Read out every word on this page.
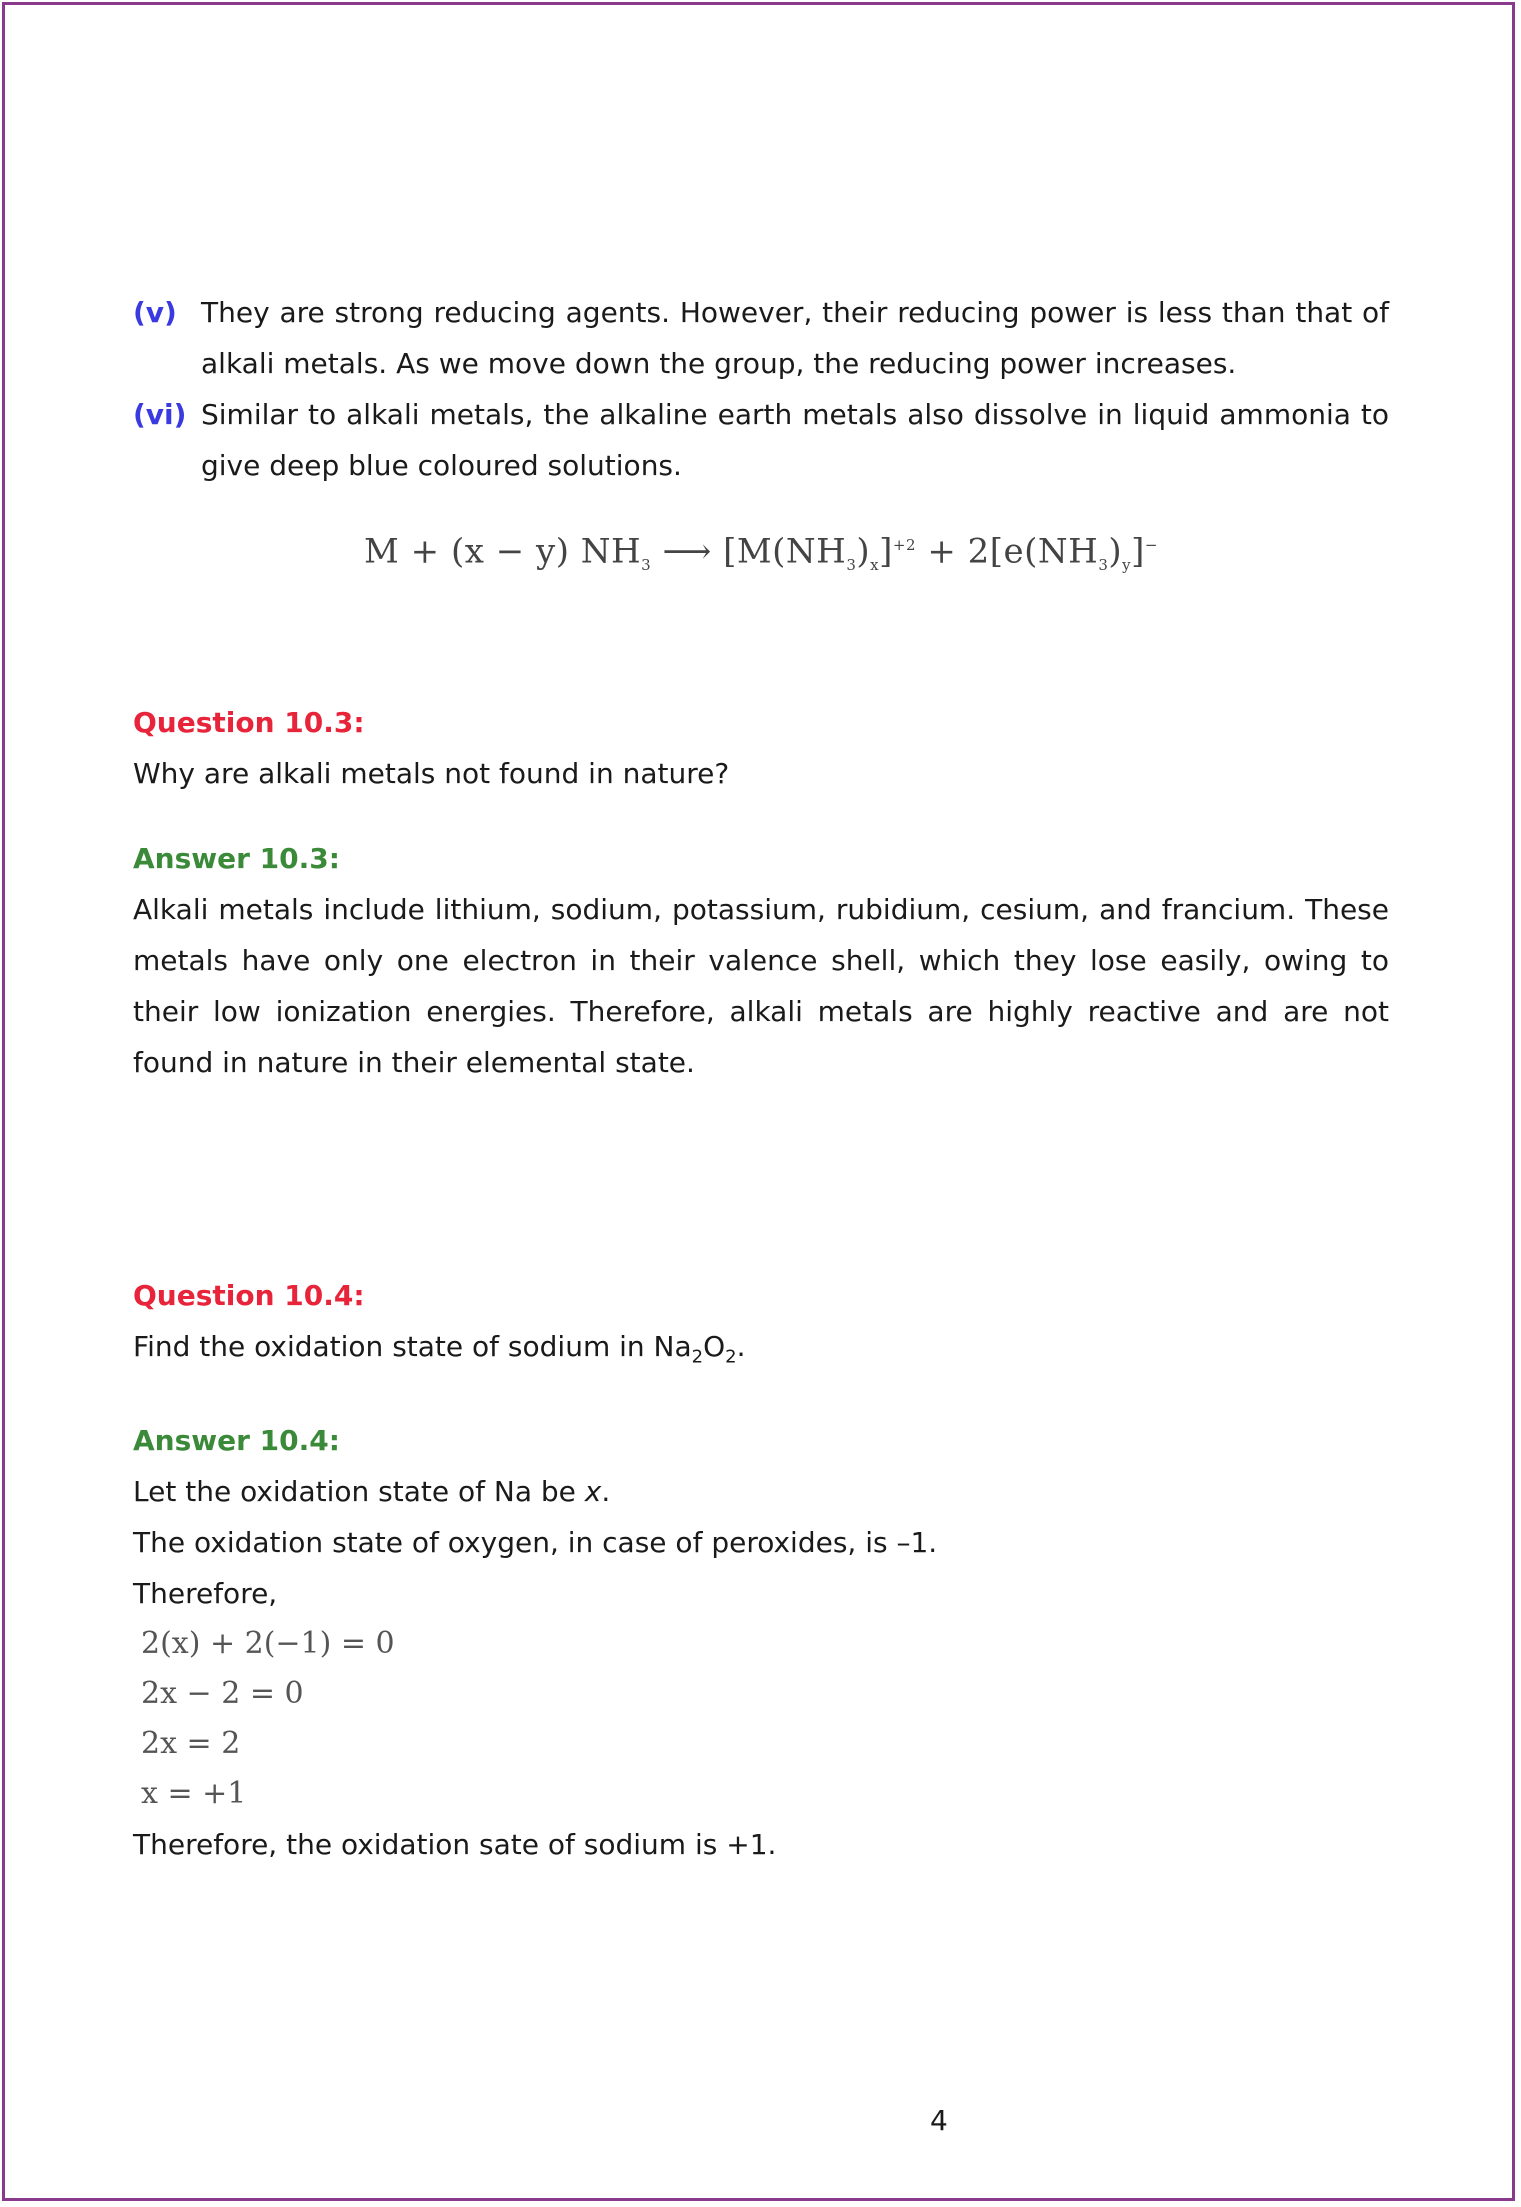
(v) They are strong reducing agents. However, their reducing power is less than that of alkali metals. As we move down the group, the reducing power increases.
(vi) Similar to alkali metals, the alkaline earth metals also dissolve in liquid ammonia to give deep blue coloured solutions.
M + (x − y) $NH_3$ ⟶ $[M(NH_3)_x]^{+2} + 2[e(NH_3)_y]^-$
Question 10.3:
Why are alkali metals not found in nature?
Answer 10.3:
Alkali metals include lithium, sodium, potassium, rubidium, cesium, and francium. These metals have only one electron in their valence shell, which they lose easily, owing to their low ionization energies. Therefore, alkali metals are highly reactive and are not found in nature in their elemental state.
Question 10.4:
Find the oxidation state of sodium in $Na_2O_2$.
Answer 10.4:
Let the oxidation state of Na be x.
The oxidation state of oxygen, in case of peroxides, is –1.
Therefore,
2(x) + 2(−1) = 0
2x − 2 = 0
2x = 2
x = +1
Therefore, the oxidation sate of sodium is +1.
4
